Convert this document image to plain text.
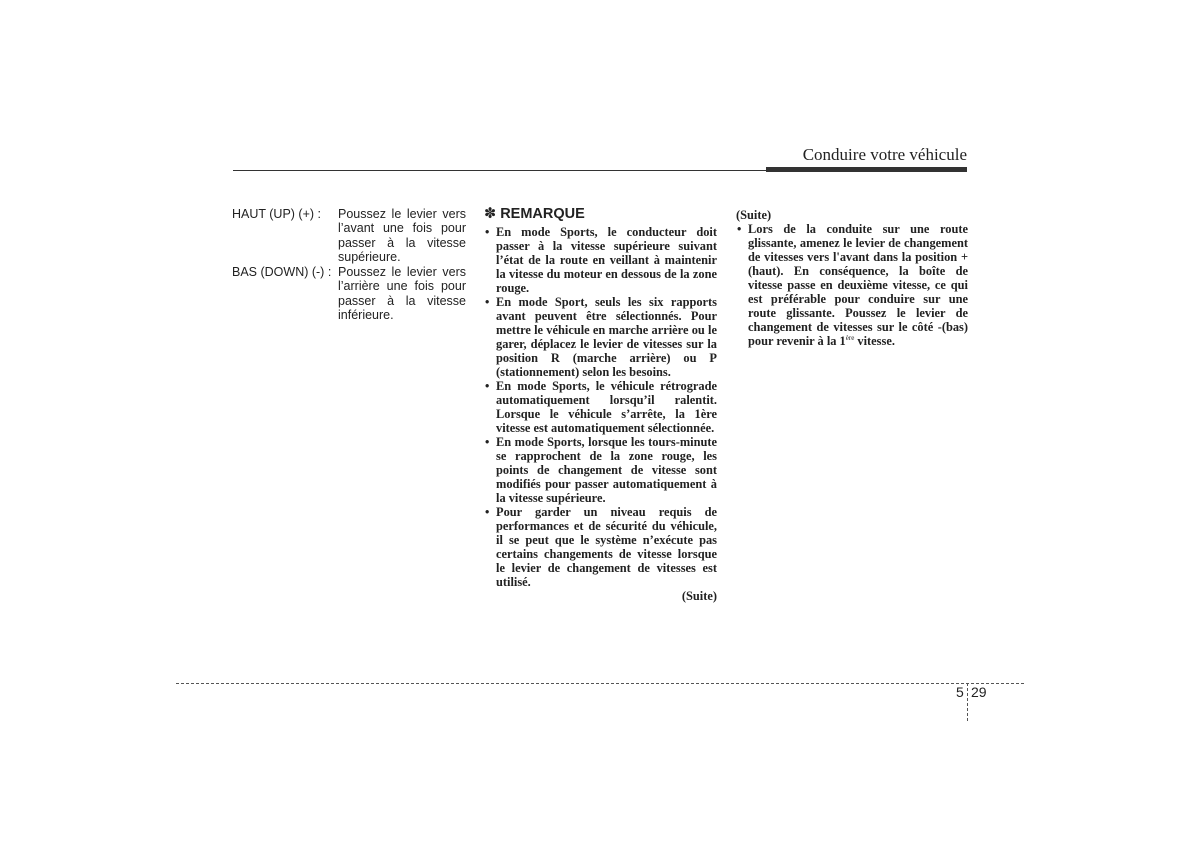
Conduire votre véhicule
HAUT (UP) (+) :	Poussez le levier vers l’avant une fois pour passer à la vitesse supérieure.
BAS (DOWN) (-) : Poussez le levier vers l’arrière une fois pour passer à la vitesse inférieure.
✽ REMARQUE
• En mode Sports, le conducteur doit passer à la vitesse supérieure suivant l’état de la route en veillant à maintenir la vitesse du moteur en dessous de la zone rouge.
• En mode Sport, seuls les six rapports avant peuvent être sélectionnés. Pour mettre le véhicule en marche arrière ou le garer, déplacez le levier de vitesses sur la position R (marche arrière) ou P (stationnement) selon les besoins.
• En mode Sports, le véhicule rétrograde automatiquement lorsqu’il ralentit. Lorsque le véhicule s’arrête, la 1ère vitesse est automatiquement sélectionnée.
• En mode Sports, lorsque les tours-minute se rapprochent de la zone rouge, les points de changement de vitesse sont modifiés pour passer automatiquement à la vitesse supérieure.
• Pour garder un niveau requis de performances et de sécurité du véhicule, il se peut que le système n’exécute pas certains changements de vitesse lorsque le levier de changement de vitesses est utilisé.
(Suite)
(Suite)
• Lors de la conduite sur une route glissante, amenez le levier de changement de vitesses vers l'avant dans la position +(haut). En conséquence, la boîte de vitesse passe en deuxième vitesse, ce qui est préférable pour conduire sur une route glissante. Poussez le levier de changement de vitesses sur le côté -(bas) pour revenir à la 1ère vitesse.
5 29
